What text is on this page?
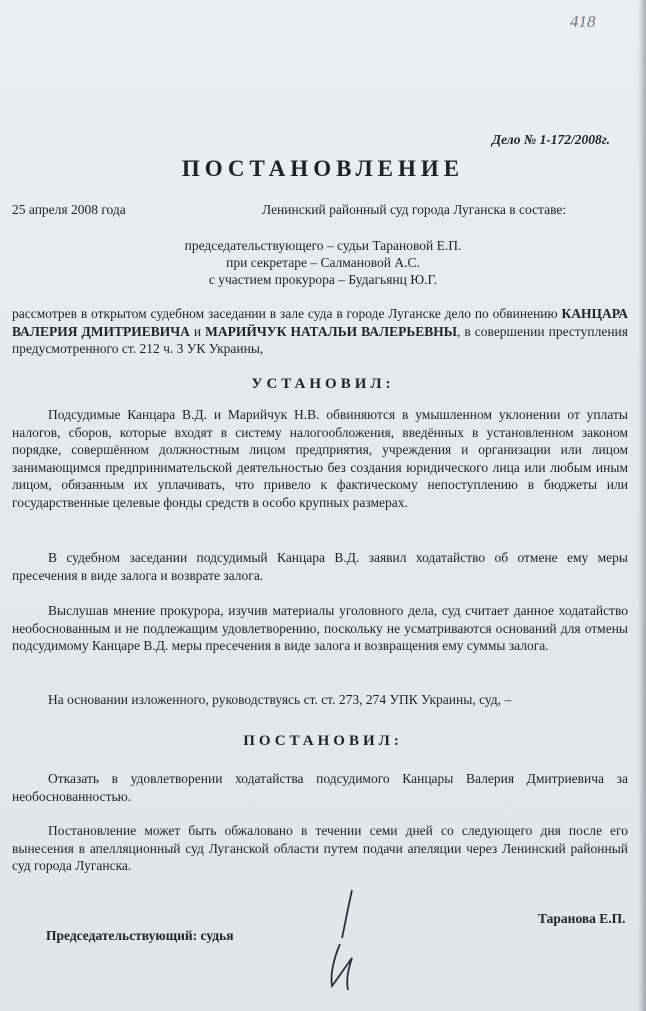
418
Дело № 1-172/2008г.
ПОСТАНОВЛЕНИЕ
25 апреля 2008 года	Ленинский районный суд города Луганска в составе:
председательствующего – судьи Тарановой Е.П.
при секретаре – Салмановой А.С.
с участием прокурора – Будагьянц Ю.Г.
рассмотрев в открытом судебном заседании в зале суда в городе Луганске дело по обвинению КАНЦАРА ВАЛЕРИЯ ДМИТРИЕВИЧА и МАРИЙЧУК НАТАЛЬИ ВАЛЕРЬЕВНЫ, в совершении преступления предусмотренного ст. 212 ч. 3 УК Украины,
УСТАНОВИЛ:
Подсудимые Канцара В.Д. и Марийчук Н.В. обвиняются в умышленном уклонении от уплаты налогов, сборов, которые входят в систему налогообложения, введённых в установленном законом порядке, совершённом должностным лицом предприятия, учреждения и организации или лицом занимающимся предпринимательской деятельностью без создания юридического лица или любым иным лицом, обязанным их уплачивать, что привело к фактическому непоступлению в бюджеты или государственные целевые фонды средств в особо крупных размерах.
В судебном заседании подсудимый Канцара В.Д. заявил ходатайство об отмене ему меры пресечения в виде залога и возврате залога.
Выслушав мнение прокурора, изучив материалы уголовного дела, суд считает данное ходатайство необоснованным и не подлежащим удовлетворению, поскольку не усматриваются оснований для отмены подсудимому Канцаре В.Д. меры пресечения в виде залога и возвращения ему суммы залога.
На основании изложенного, руководствуясь ст. ст. 273, 274 УПК Украины, суд, –
ПОСТАНОВИЛ:
Отказать в удовлетворении ходатайства подсудимого Канцары Валерия Дмитриевича за необоснованностью.
Постановление может быть обжаловано в течении семи дней со следующего дня после его вынесения в апелляционный суд Луганской области путем подачи апеляции через Ленинский районный суд города Луганска.
Таранова Е.П.
Председательствующий: судья
